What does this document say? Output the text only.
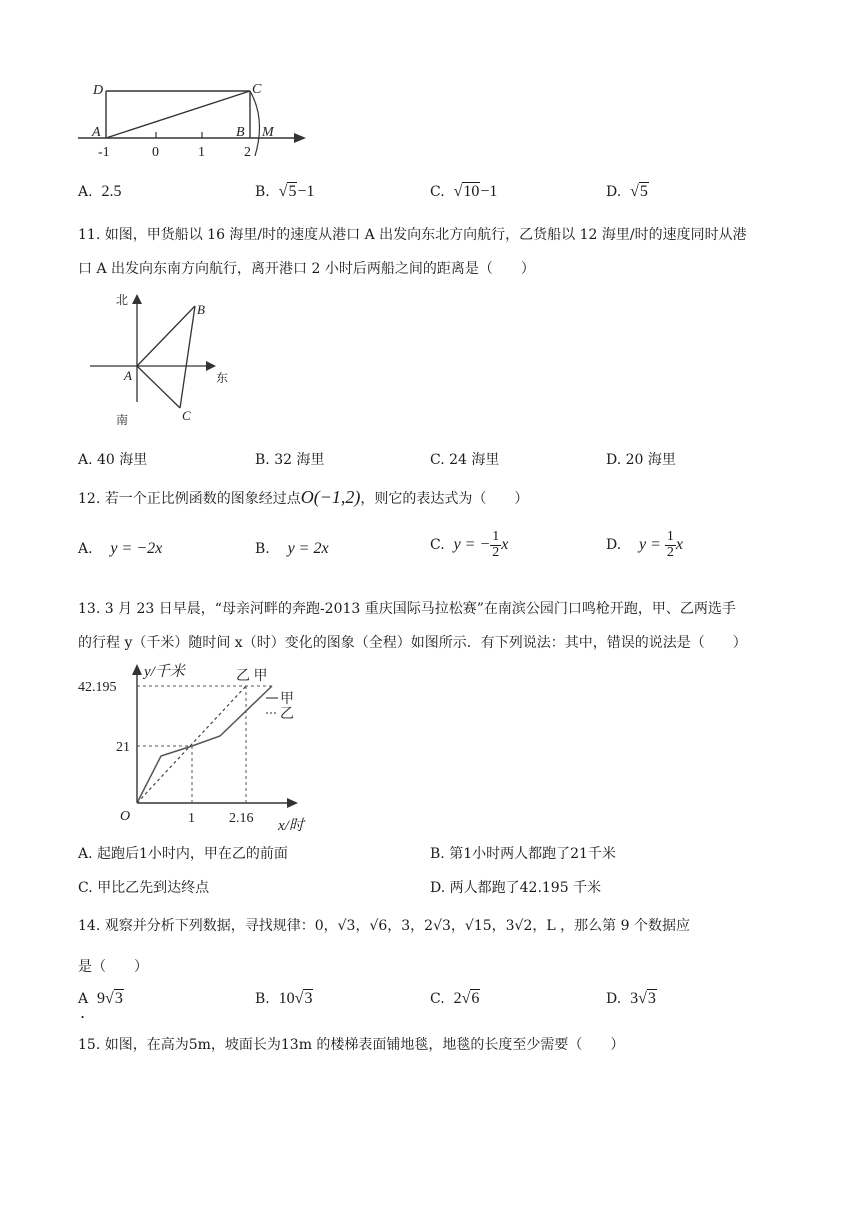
D	C
A	B M
-1	0	1	2
A. 2.5	B. √5−1	C. √10−1	D. √5
11. 如图，甲货船以 16 海里/时的速度从港口 A 出发向东北方向航行，乙货船以 12 海里/时的速度同时从港
口 A 出发向东南方向航行，离开港口 2 小时后两船之间的距离是（　　）
北
南
东
A
B
C
A. 40 海里	B. 32 海里	C. 24 海里	D. 20 海里
12. 若一个正比例函数的图象经过点O(−1,2)，则它的表达式为（　　）
A. y = −2x	B. y = 2x	C. y = − $\frac{1}{2}$ x	D. $y = \frac{1}{2}$ x
13. 3 月 23 日早晨，“母亲河畔的奔跑-2013 重庆国际马拉松赛”在南滨公园门口鸣枪开跑，甲、乙两选手
的行程 y（千米）随时间 x（时）变化的图象（全程）如图所示．有下列说法：其中，错误的说法是（　　）
y/千米
x/时
O
42.195
21
1 2.16
乙 甲
甲
乙
A. 起跑后1小时内，甲在乙的前面	B. 第1小时两人都跑了21千米
C. 甲比乙先到达终点	D. 两人都跑了42.195 千米
14. 观察并分析下列数据，寻找规律：0，√3，√6，3，2√3，√15，3√2，L ，那么第 9 个数据应
是（　　）
A 9√3
.
B. 10√3	C. 2√6	D. 3√3
15. 如图，在高为5m，坡面长为13m 的楼梯表面铺地毯，地毯的长度至少需要（　　）
